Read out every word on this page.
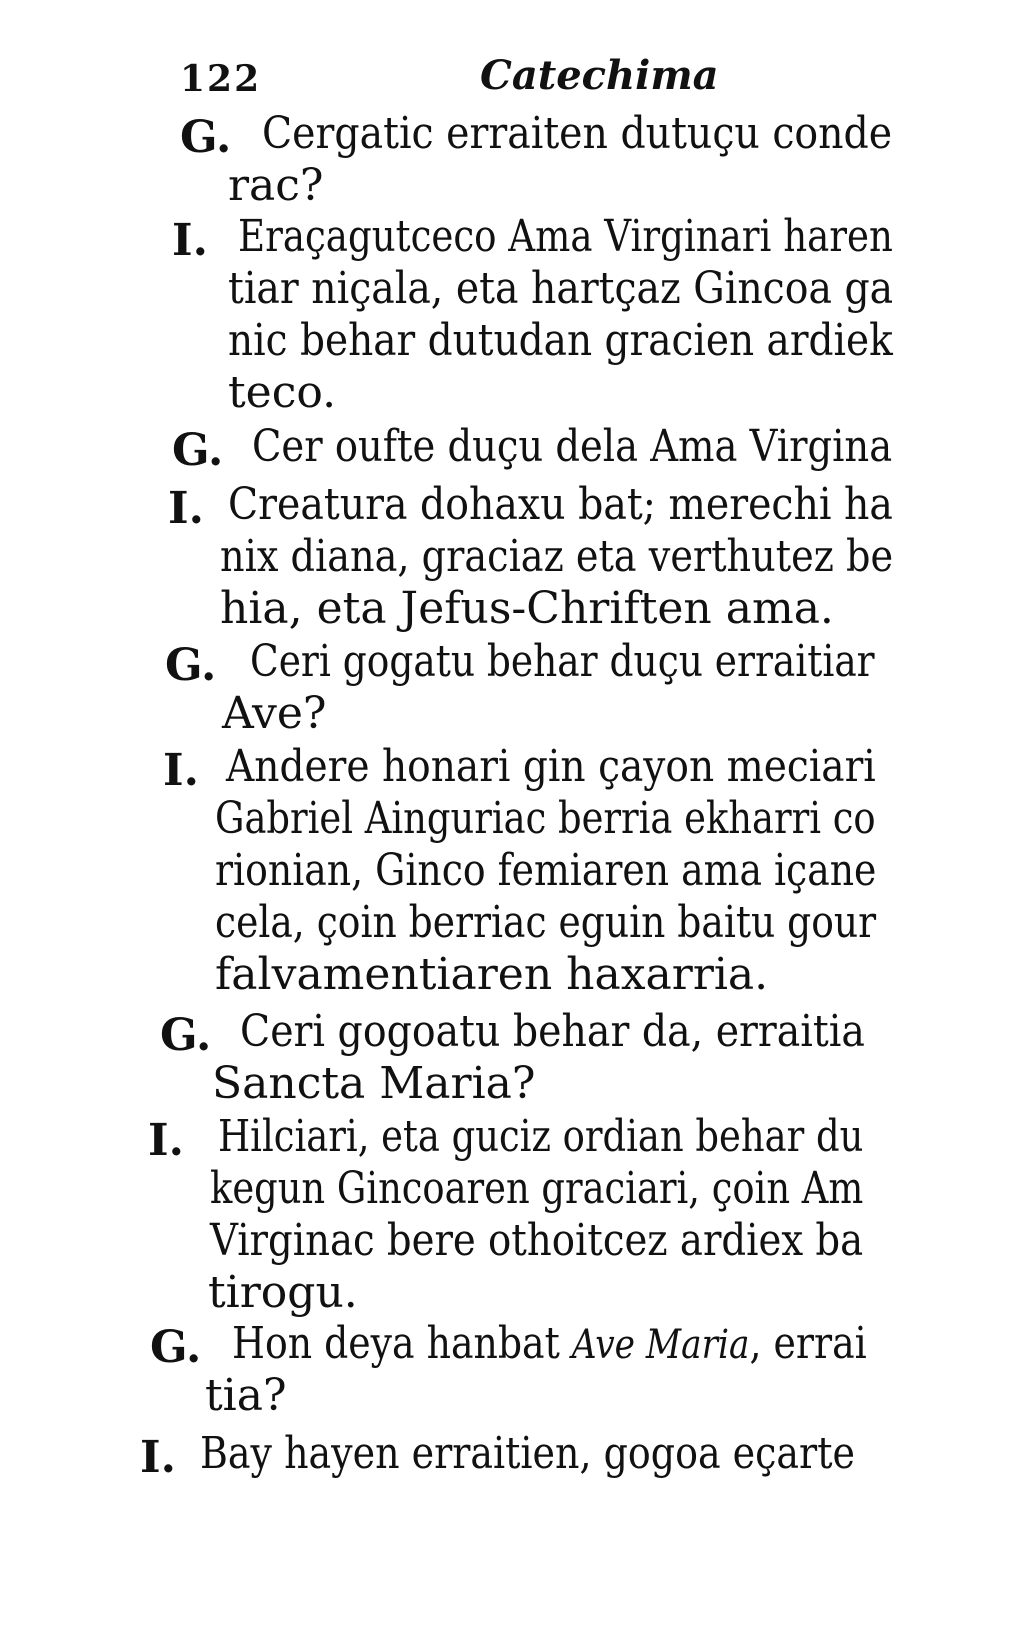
122	Catechima
G. Cergatic erraiten dutuçu conde
rac?
I. Eraçagutceco Ama Virginari haren
tiar niçala, eta hartçaz Gincoa ga
nic behar dutudan gracien ardiek
teco.
G. Cer oufte duçu dela Ama Virgina
I. Creatura dohaxu bat; merechi ha
nix diana, graciaz eta verthutez be
hia, eta Jefus-Chriften ama.
G. Ceri gogatu behar duçu erraitiar
Ave?
I. Andere honari gin çayon meciari
Gabriel Ainguriac berria ekharri co
rionian, Ginco femiaren ama içane
cela, çoin berriac eguin baitu gour
falvamentiaren haxarria.
G. Ceri gogoatu behar da, erraitia
Sancta Maria?
I. Hilciari, eta guciz ordian behar du
kegun Gincoaren graciari, çoin Am
Virginac bere othoitcez ardiex ba
tirogu.
G. Hon deya hanbat Ave Maria, errai
tia?
I. Bay hayen erraitien, gogoa eçarte
